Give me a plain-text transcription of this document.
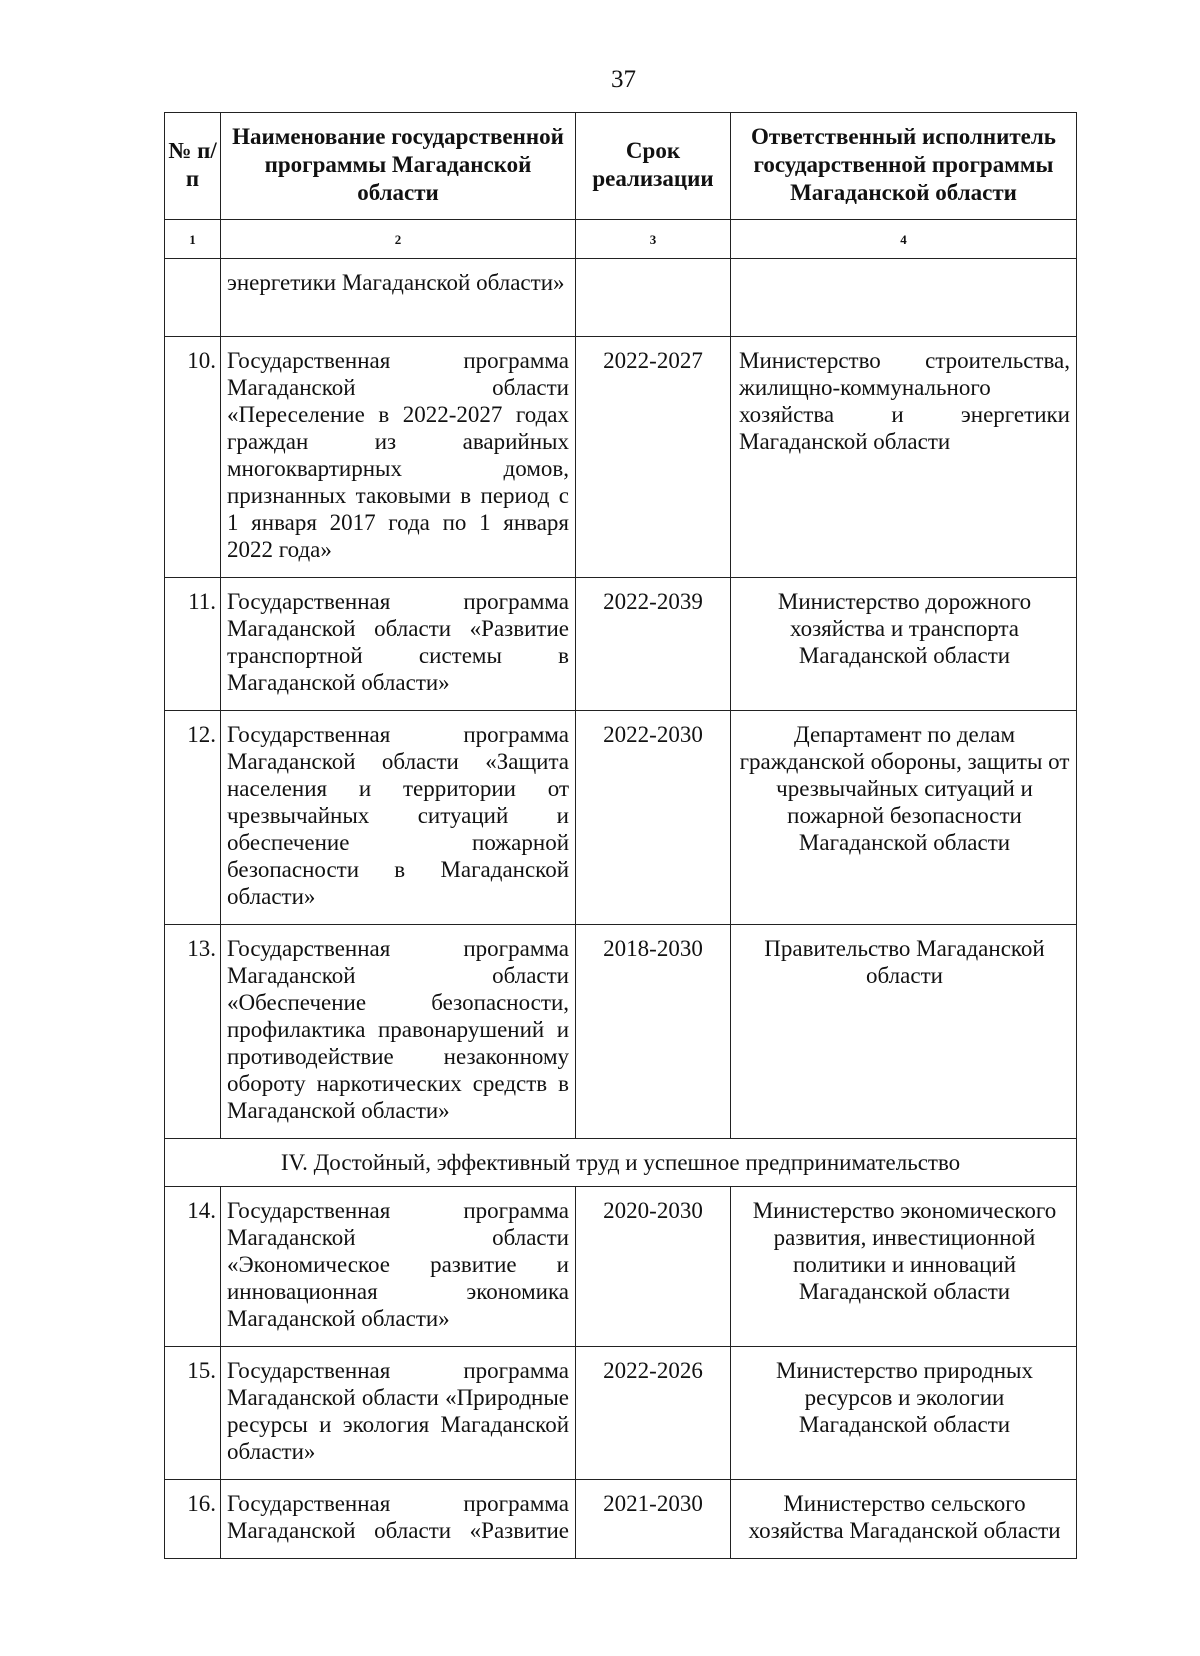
37
№ п/п	Наименование государственной программы Магаданской области	Срок реализации	Ответственный исполнитель государственной программы Магаданской области
1	2	3	4
	энергетики Магаданской области»		
10.	Государственная программа Магаданской области «Переселение в 2022-2027 годах граждан из аварийных многоквартирных домов, признанных таковыми в период с 1 января 2017 года по 1 января 2022 года»	2022-2027	Министерство строительства, жилищно-коммунального хозяйства и энергетики Магаданской области
11.	Государственная программа Магаданской области «Развитие транспортной системы в Магаданской области»	2022-2039	Министерство дорожного хозяйства и транспорта Магаданской области
12.	Государственная программа Магаданской области «Защита населения и территории от чрезвычайных ситуаций и обеспечение пожарной безопасности в Магаданской области»	2022-2030	Департамент по делам гражданской обороны, защиты от чрезвычайных ситуаций и пожарной безопасности Магаданской области
13.	Государственная программа Магаданской области «Обеспечение безопасности, профилактика правонарушений и противодействие незаконному обороту наркотических средств в Магаданской области»	2018-2030	Правительство Магаданской области
IV. Достойный, эффективный труд и успешное предпринимательство			
14.	Государственная программа Магаданской области «Экономическое развитие и инновационная экономика Магаданской области»	2020-2030	Министерство экономического развития, инвестиционной политики и инноваций Магаданской области
15.	Государственная программа Магаданской области «Природные ресурсы и экология Магаданской области»	2022-2026	Министерство природных ресурсов и экологии Магаданской области
16.	Государственная программа Магаданской области «Развитие	2021-2030	Министерство сельского хозяйства Магаданской области
